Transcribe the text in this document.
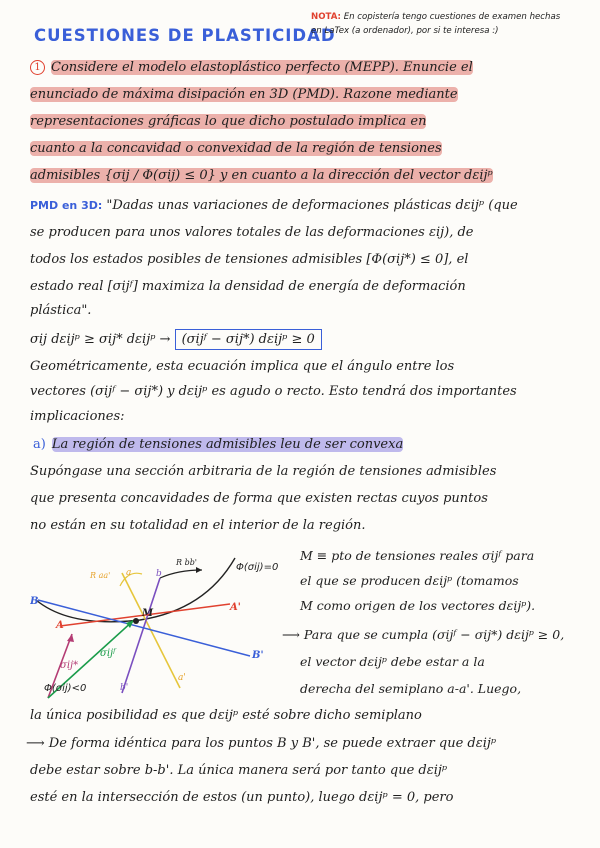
CUESTIONES DE PLASTICIDAD
NOTA: En copistería tengo cuestiones de examen hechas
en LaTex (a ordenador), por si te interesa :)
1 Considere el modelo elastoplástico perfecto (MEPP). Enuncie el
enunciado de máxima disipación en 3D (PMD). Razone mediante
representaciones gráficas lo que dicho postulado implica en
cuanto a la concavidad o convexidad de la región de tensiones
admisibles {σij / Φ(σij) ≤ 0} y en cuanto a la dirección del vector dεijᵖ
PMD en 3D: "Dadas unas variaciones de deformaciones plásticas dεijᵖ (que
se producen para unos valores totales de las deformaciones εij), de
todos los estados posibles de tensiones admisibles [Φ(σij*) ≤ 0], el
estado real [σijᶠ] maximiza la densidad de energía de deformación
plástica".
σij dεijᵖ ≥ σij* dεijᵖ → (σijᶠ − σij*) dεijᵖ ≥ 0
Geométricamente, esta ecuación implica que el ángulo entre los
vectores (σijᶠ − σij*) y dεijᵖ es agudo o recto. Esto tendrá dos importantes
implicaciones:
a) La región de tensiones admisibles leu de ser convexa
Supóngase una sección arbitraria de la región de tensiones admisibles
que presenta concavidades de forma que existen rectas cuyos puntos
no están en su totalidad en el interior de la región.
Φ(σij)=0
Φ(σij)<0
B
B'
A
A'
M
a
a'
b
b'
σijᶠ
σij*
R aa'
R bb'	M ≡ pto de tensiones reales σijᶠ para
el que se producen dεijᵖ (tomamos
M como origen de los vectores dεijᵖ).
⟶ Para que se cumpla (σijᶠ − σij*) dεijᵖ ≥ 0,
el vector dεijᵖ debe estar a la
derecha del semiplano a-a'. Luego,
la única posibilidad es que dεijᵖ esté sobre dicho semiplano
⟶ De forma idéntica para los puntos B y B', se puede extraer que dεijᵖ
debe estar sobre b-b'. La única manera será por tanto que dεijᵖ
esté en la intersección de estos (un punto), luego dεijᵖ = 0, pero
